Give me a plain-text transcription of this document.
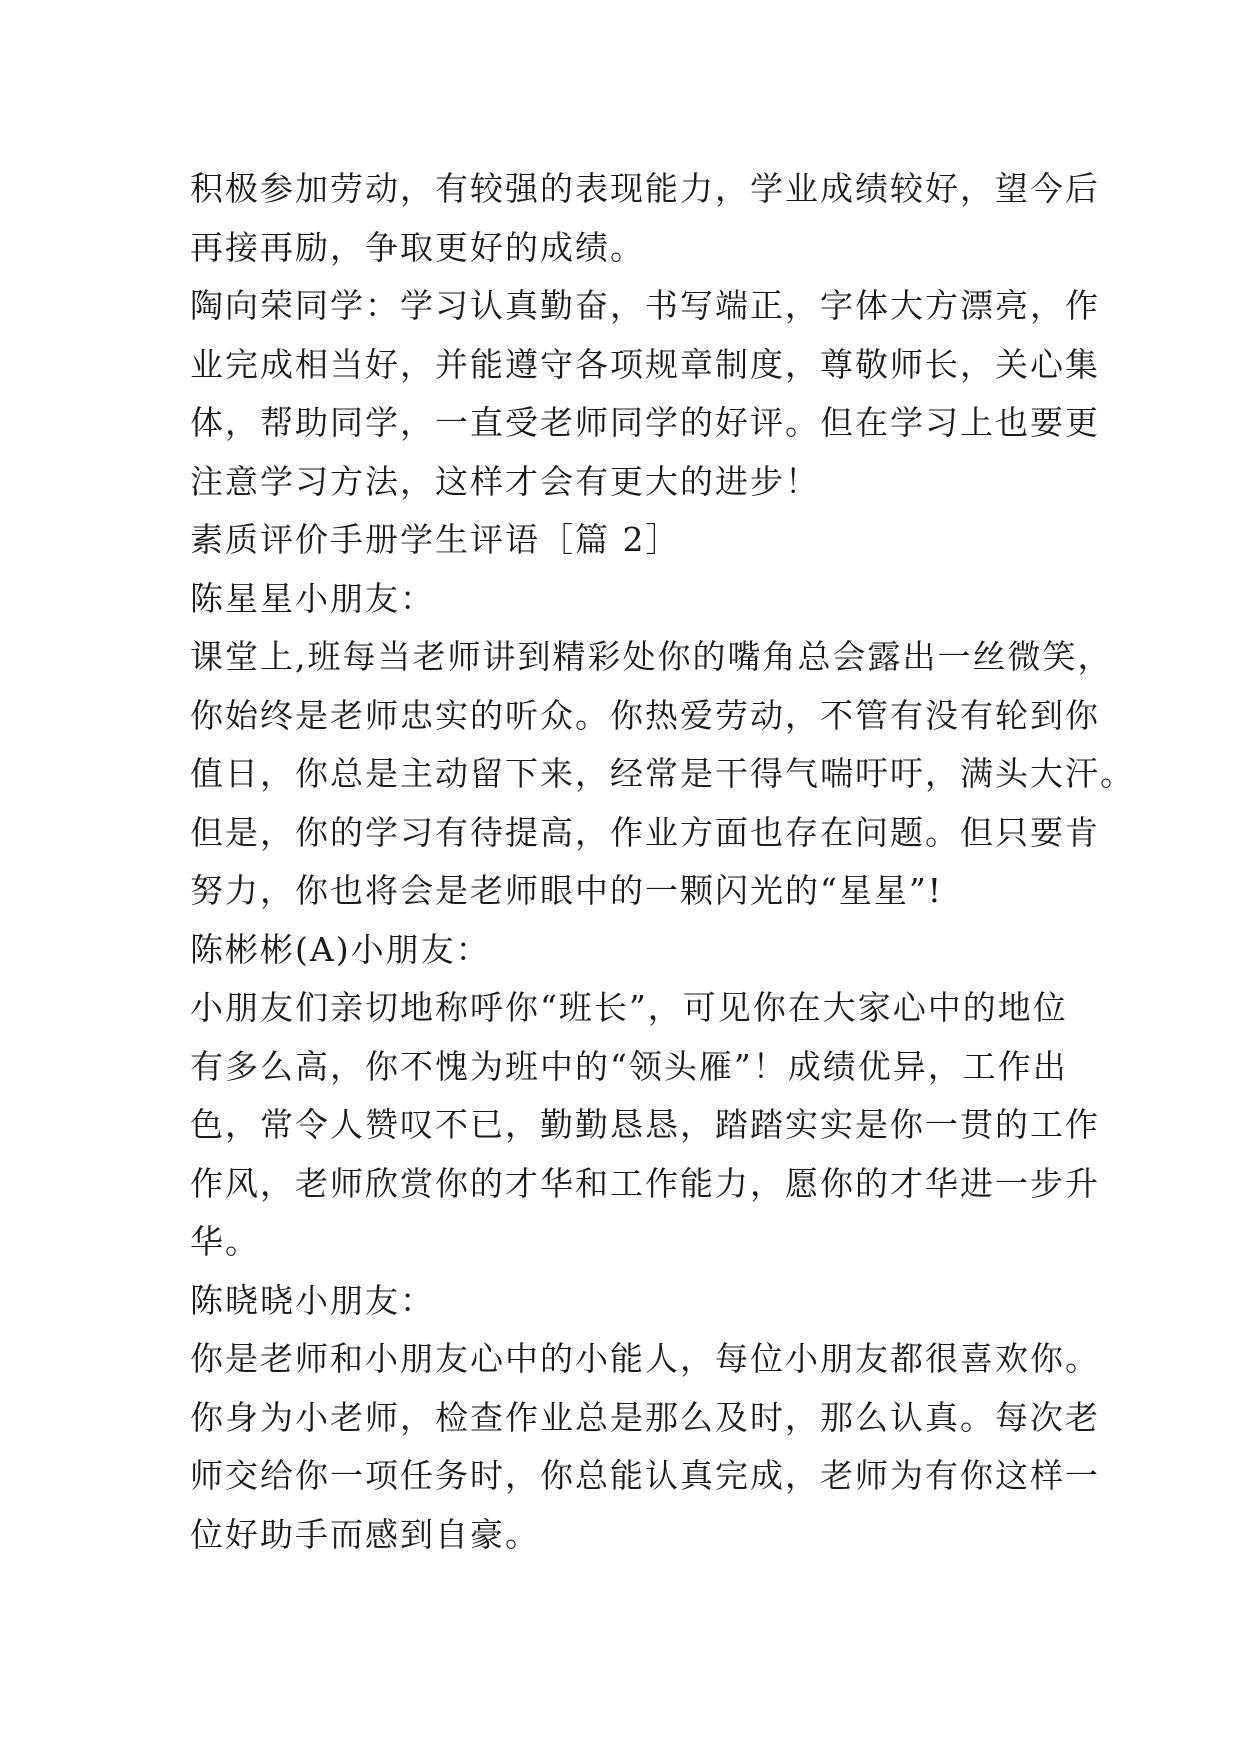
积极参加劳动，有较强的表现能力，学业成绩较好，望今后
再接再励，争取更好的成绩。
陶向荣同学：学习认真勤奋，书写端正，字体大方漂亮，作
业完成相当好，并能遵守各项规章制度，尊敬师长，关心集
体，帮助同学，一直受老师同学的好评。但在学习上也要更
注意学习方法，这样才会有更大的进步！
素质评价手册学生评语［篇 2］
陈星星小朋友：
课堂上,班每当老师讲到精彩处你的嘴角总会露出一丝微笑，
你始终是老师忠实的听众。你热爱劳动，不管有没有轮到你
值日，你总是主动留下来，经常是干得气喘吁吁，满头大汗。
但是，你的学习有待提高，作业方面也存在问题。但只要肯
努力，你也将会是老师眼中的一颗闪光的“星星”!
陈彬彬(A)小朋友：
小朋友们亲切地称呼你“班长”，可见你在大家心中的地位
有多么高，你不愧为班中的“领头雁”！成绩优异，工作出
色，常令人赞叹不已，勤勤恳恳，踏踏实实是你一贯的工作
作风，老师欣赏你的才华和工作能力，愿你的才华进一步升
华。
陈晓晓小朋友：
你是老师和小朋友心中的小能人，每位小朋友都很喜欢你。
你身为小老师，检查作业总是那么及时，那么认真。每次老
师交给你一项任务时，你总能认真完成，老师为有你这样一
位好助手而感到自豪。
